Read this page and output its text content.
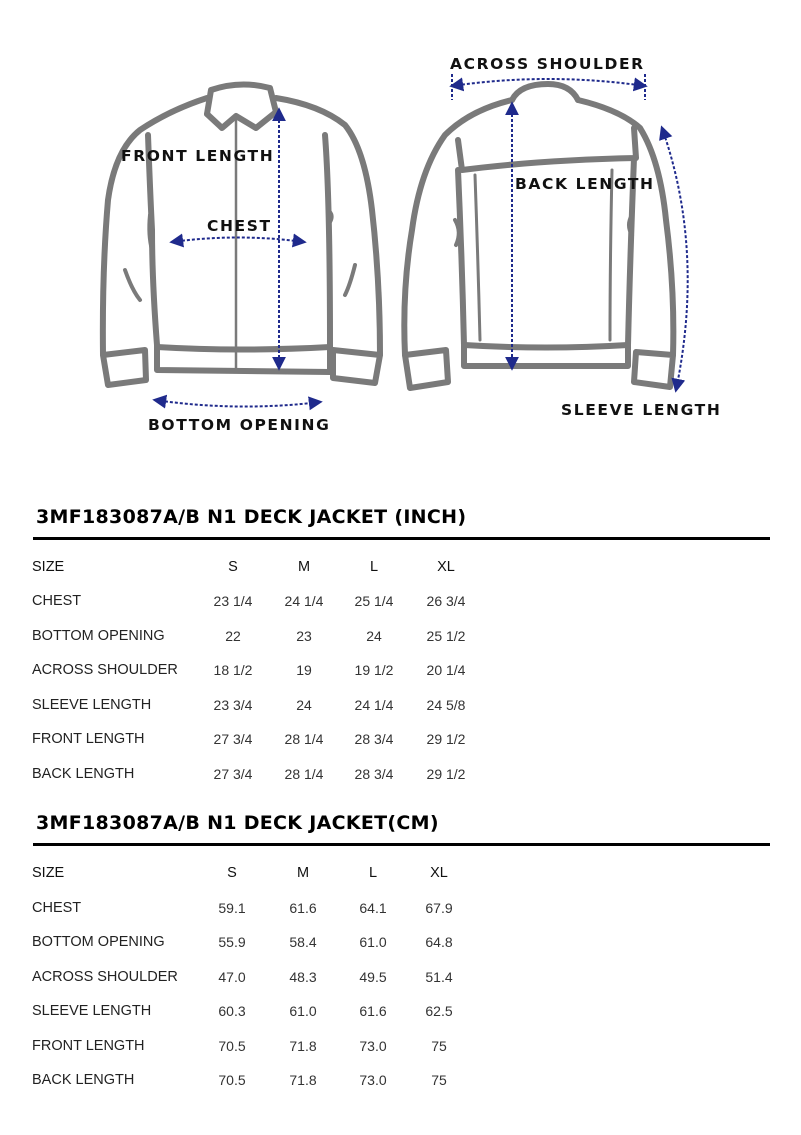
FRONT LENGTH
CHEST
BOTTOM OPENING
ACROSS SHOULDER
BACK LENGTH
SLEEVE LENGTH
3MF183087A/B N1 DECK JACKET (INCH)
3MF183087A/B N1 DECK JACKET(CM)
SIZE	S	M	L	XL
CHEST	23 1/4	24 1/4	25 1/4	26 3/4
BOTTOM OPENING	22	23	24	25 1/2
ACROSS SHOULDER	18 1/2	19	19 1/2	20 1/4
SLEEVE LENGTH	23 3/4	24	24 1/4	24 5/8
FRONT LENGTH	27 3/4	28 1/4	28 3/4	29 1/2
BACK LENGTH	27 3/4	28 1/4	28 3/4	29 1/2
SIZE	S	M	L	XL
CHEST	59.1	61.6	64.1	67.9
BOTTOM OPENING	55.9	58.4	61.0	64.8
ACROSS SHOULDER	47.0	48.3	49.5	51.4
SLEEVE LENGTH	60.3	61.0	61.6	62.5
FRONT LENGTH	70.5	71.8	73.0	75
BACK LENGTH	70.5	71.8	73.0	75
